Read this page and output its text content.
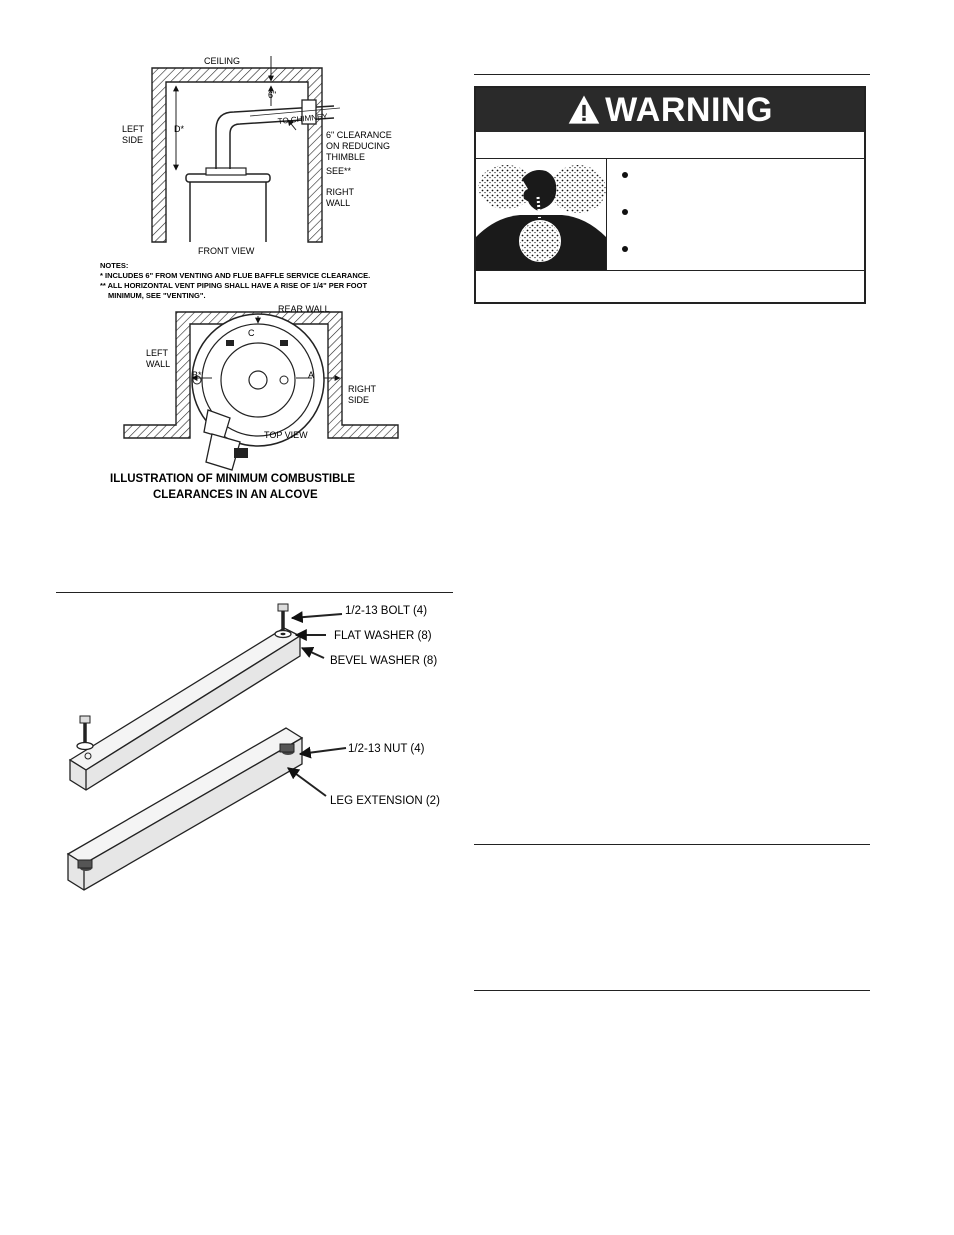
CEILING
6"
D*
LEFT
SIDE
TO CHIMNEY
6" CLEARANCE
ON REDUCING
THIMBLE
SEE**
RIGHT
WALL
FRONT VIEW
NOTES:
* INCLUDES 6" FROM VENTING AND FLUE BAFFLE SERVICE CLEARANCE.
** ALL HORIZONTAL VENT PIPING SHALL HAVE A RISE OF 1/4" PER FOOT
MINIMUM, SEE "VENTING".
REAR WALL
C
LEFT
WALL
B*	A
RIGHT
SIDE
TOP VIEW
ILLUSTRATION OF MINIMUM COMBUSTIBLE
CLEARANCES IN AN ALCOVE
1/2-13 BOLT (4)
FLAT WASHER (8)
BEVEL WASHER (8)
1/2-13 NUT (4)
LEG EXTENSION (2)
WARNING
